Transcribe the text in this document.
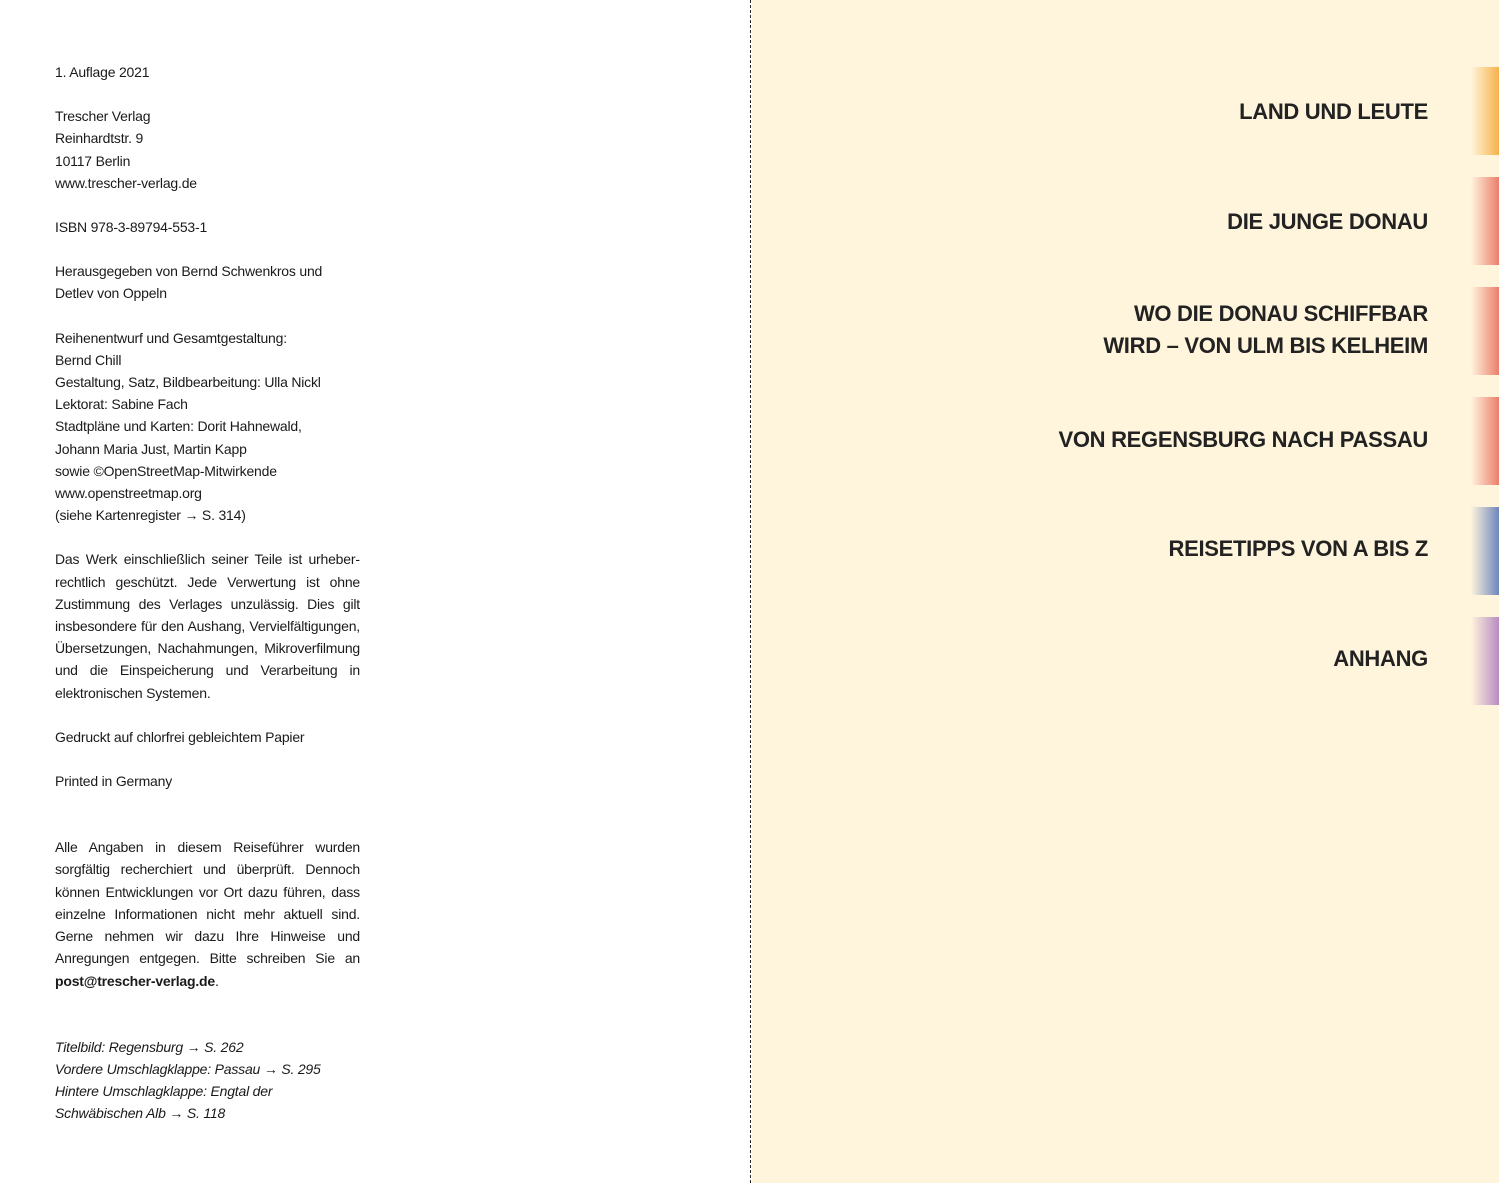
1. Auflage 2021

Trescher Verlag
Reinhardtstr. 9
10117 Berlin
www.trescher-verlag.de

ISBN 978-3-89794-553-1

Herausgegeben von Bernd Schwenkros und
Detlev von Oppeln

Reihenentwurf und Gesamtgestaltung:
Bernd Chill
Gestaltung, Satz, Bildbearbeitung: Ulla Nickl
Lektorat: Sabine Fach
Stadtpläne und Karten: Dorit Hahnewald,
Johann Maria Just, Martin Kapp
sowie ©OpenStreetMap-Mitwirkende
www.openstreetmap.org
(siehe Kartenregister → S. 314)

Das Werk einschließlich seiner Teile ist urheberrechtlich geschützt. Jede Verwertung ist ohne Zustimmung des Verlages unzulässig. Dies gilt insbesondere für den Aushang, Vervielfältigungen, Übersetzungen, Nachahmungen, Mikroverfilmung und die Einspeicherung und Verarbeitung in elektronischen Systemen.

Gedruckt auf chlorfrei gebleichtem Papier

Printed in Germany

Alle Angaben in diesem Reiseführer wurden sorgfältig recherchiert und überprüft. Dennoch können Entwicklungen vor Ort dazu führen, dass einzelne Informationen nicht mehr aktuell sind. Gerne nehmen wir dazu Ihre Hinweise und Anregungen entgegen. Bitte schreiben Sie an post@trescher-verlag.de.

Titelbild: Regensburg → S. 262
Vordere Umschlagklappe: Passau → S. 295
Hintere Umschlagklappe: Engtal der
Schwäbischen Alb → S. 118

LAND UND LEUTE
DIE JUNGE DONAU
WO DIE DONAU SCHIFFBAR
WIRD – VON ULM BIS KELHEIM
VON REGENSBURG NACH PASSAU
REISETIPPS VON A BIS Z
ANHANG
